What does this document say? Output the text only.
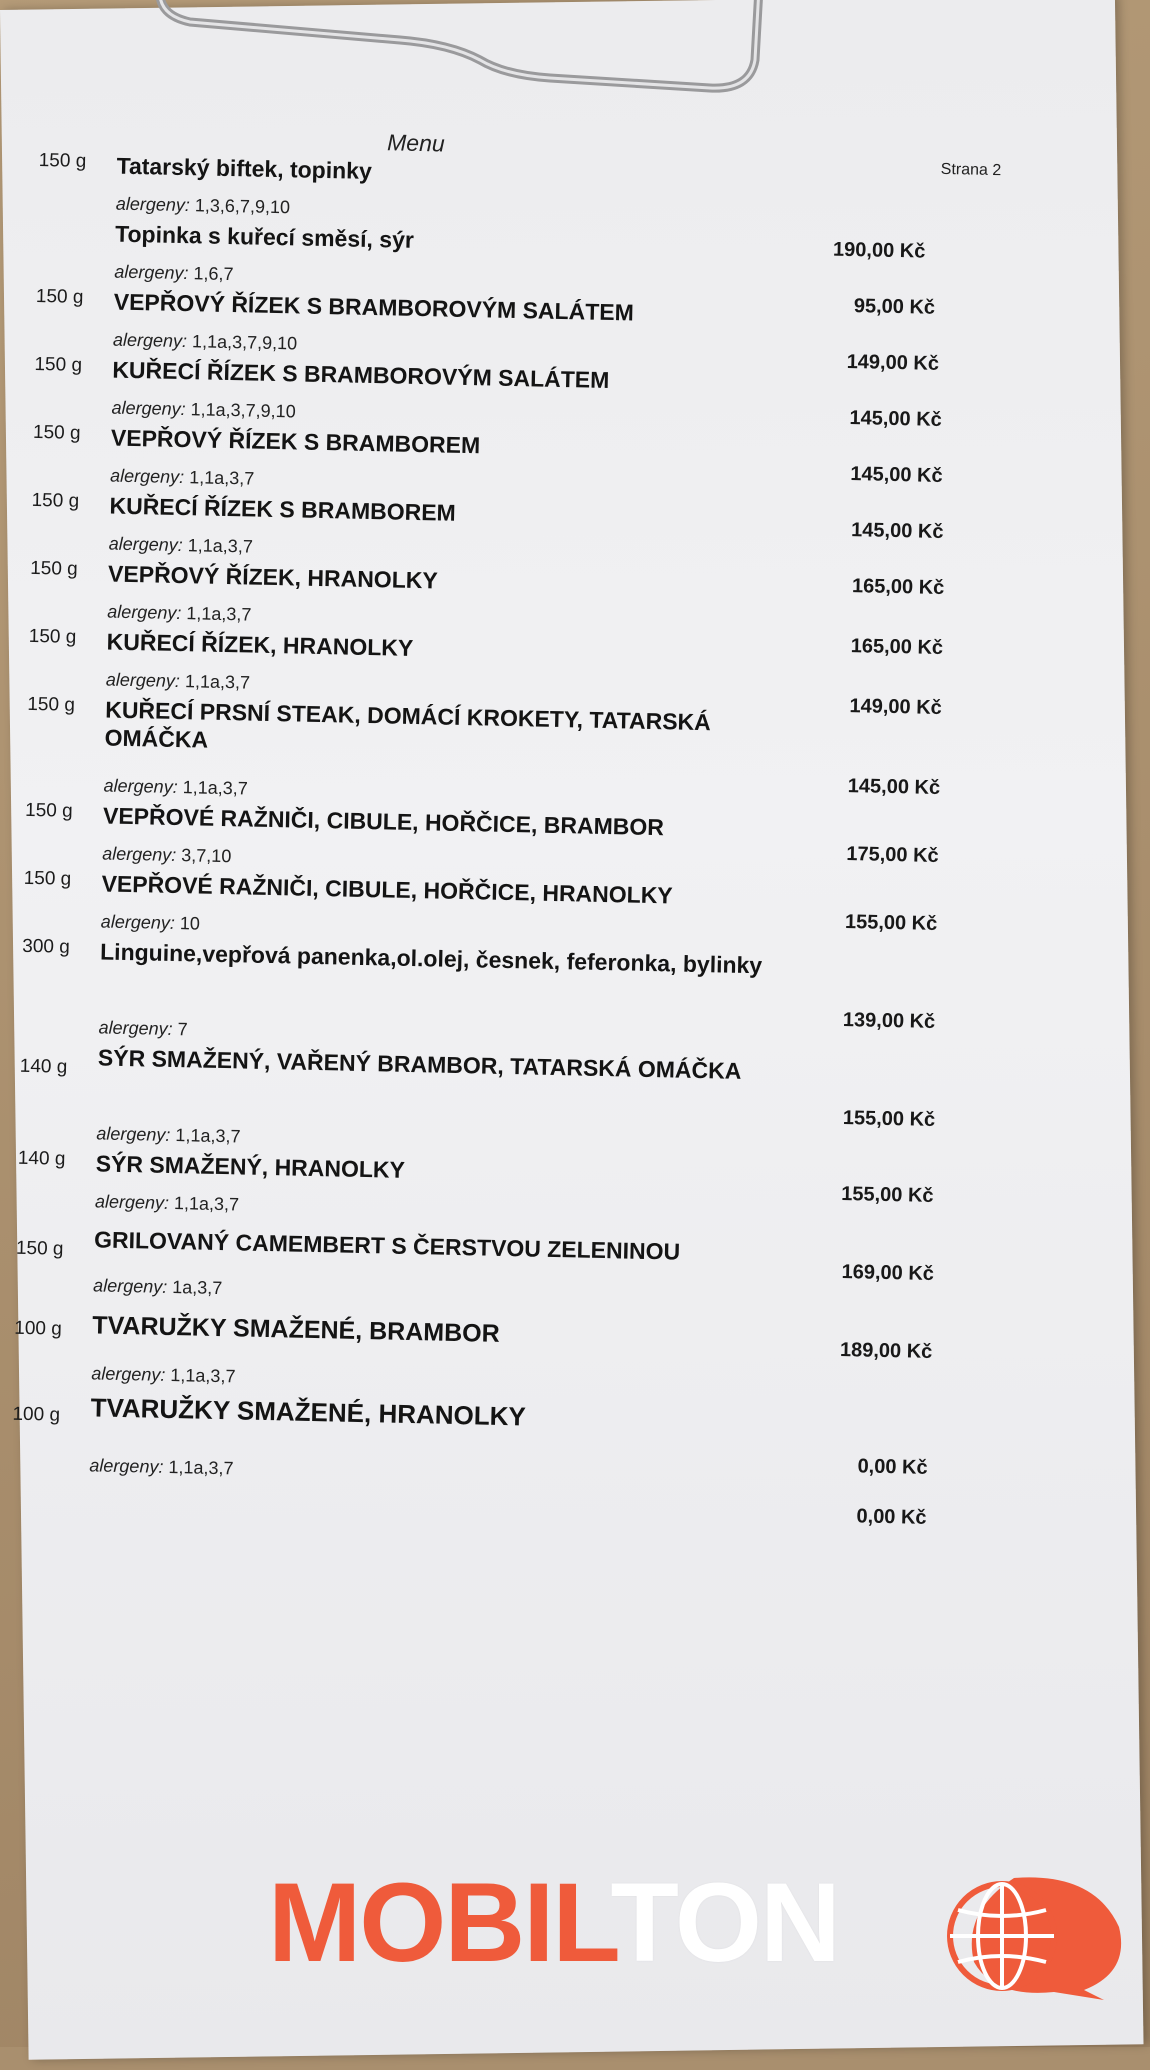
Menu
Strana 2
150 g Tatarský biftek, topinky
alergeny: 1,3,6,7,9,10
Topinka s kuřecí směsí, sýr
alergeny: 1,6,7
150 g VEPŘOVÝ ŘÍZEK S BRAMBOROVÝM SALÁTEM
alergeny: 1,1a,3,7,9,10
150 g KUŘECÍ ŘÍZEK S BRAMBOROVÝM SALÁTEM
alergeny: 1,1a,3,7,9,10
150 g VEPŘOVÝ ŘÍZEK S BRAMBOREM
alergeny: 1,1a,3,7
150 g KUŘECÍ ŘÍZEK S BRAMBOREM
alergeny: 1,1a,3,7
150 g VEPŘOVÝ ŘÍZEK, HRANOLKY
alergeny: 1,1a,3,7
150 g KUŘECÍ ŘÍZEK, HRANOLKY
alergeny: 1,1a,3,7
150 g KUŘECÍ PRSNÍ STEAK, DOMÁCÍ KROKETY, TATARSKÁ OMÁČKA
alergeny: 1,1a,3,7
150 g VEPŘOVÉ RAŽNIČI, CIBULE, HOŘČICE, BRAMBOR
alergeny: 3,7,10
150 g VEPŘOVÉ RAŽNIČI, CIBULE, HOŘČICE, HRANOLKY
alergeny: 10
300 g Linguine,vepřová panenka,ol.olej, česnek, feferonka, bylinky
alergeny: 7
140 g SÝR SMAŽENÝ, VAŘENÝ BRAMBOR, TATARSKÁ OMÁČKA
alergeny: 1,1a,3,7
140 g SÝR SMAŽENÝ, HRANOLKY
alergeny: 1,1a,3,7
150 g GRILOVANÝ CAMEMBERT S ČERSTVOU ZELENINOU
alergeny: 1a,3,7
100 g TVARUŽKY SMAŽENÉ, BRAMBOR
alergeny: 1,1a,3,7
100 g TVARUŽKY SMAŽENÉ, HRANOLKY
alergeny: 1,1a,3,7
190,00 Kč
95,00 Kč
149,00 Kč
145,00 Kč
145,00 Kč
145,00 Kč
165,00 Kč
165,00 Kč
149,00 Kč
145,00 Kč
175,00 Kč
155,00 Kč
139,00 Kč
155,00 Kč
155,00 Kč
169,00 Kč
189,00 Kč
0,00 Kč
0,00 Kč
MOBILTON
